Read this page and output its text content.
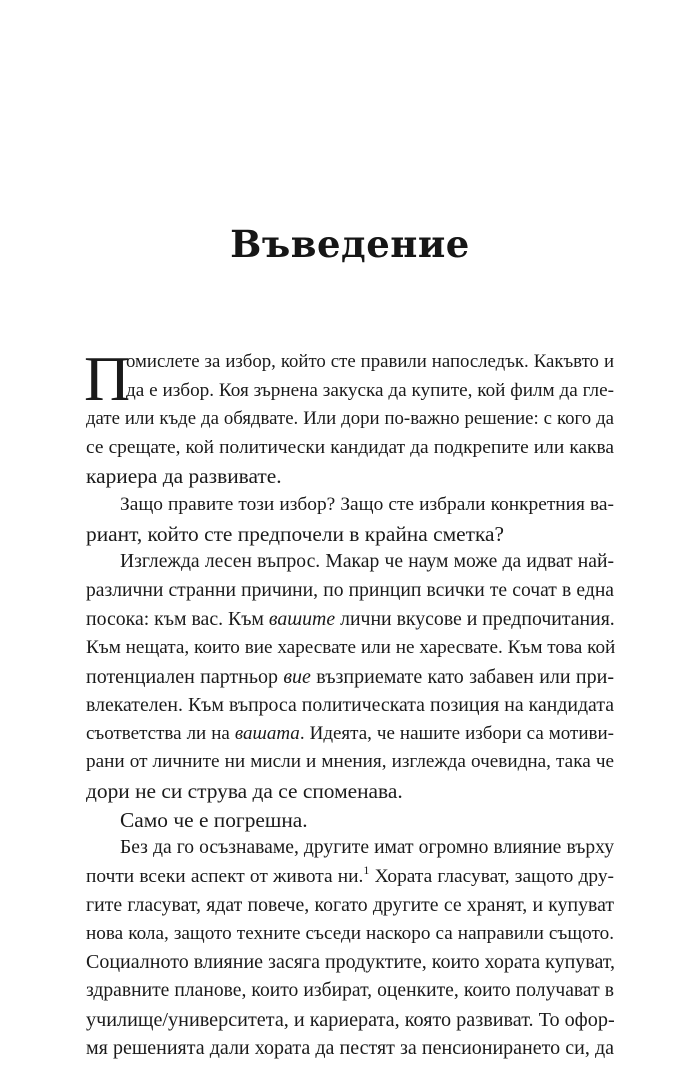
Въведение
П
омислете за избор, който сте правили напоследък. Какъвто и
да е избор. Коя зърнена закуска да купите, кой филм да гле-
дате или къде да обядвате. Или дори по-важно решение: с кого да
се срещате, кой политически кандидат да подкрепите или каква
кариера да развивате.
Защо правите този избор? Защо сте избрали конкретния ва-
риант, който сте предпочели в крайна сметка?
Изглежда лесен въпрос. Макар че наум може да идват най-
различни странни причини, по принцип всички те сочат в една
посока: към вас. Към вашите лични вкусове и предпочитания.
Към нещата, които вие харесвате или не харесвате. Към това кой
потенциален партньор вие възприемате като забавен или при-
влекателен. Към въпроса политическата позиция на кандидата
съответства ли на вашата. Идеята, че нашите избори са мотиви-
рани от личните ни мисли и мнения, изглежда очевидна, така че
дори не си струва да се споменава.
Само че е погрешна.
Без да го осъзнаваме, другите имат огромно влияние върху
почти всеки аспект от живота ни.$^1$ Хората гласуват, защото дру-
гите гласуват, ядат повече, когато другите се хранят, и купуват
нова кола, защото техните съседи наскоро са направили същото.
Социалното влияние засяга продуктите, които хората купуват,
здравните планове, които избират, оценките, които получават в
училище/университета, и кариерата, която развиват. То офор-
мя решенията дали хората да пестят за пенсионирането си, да
